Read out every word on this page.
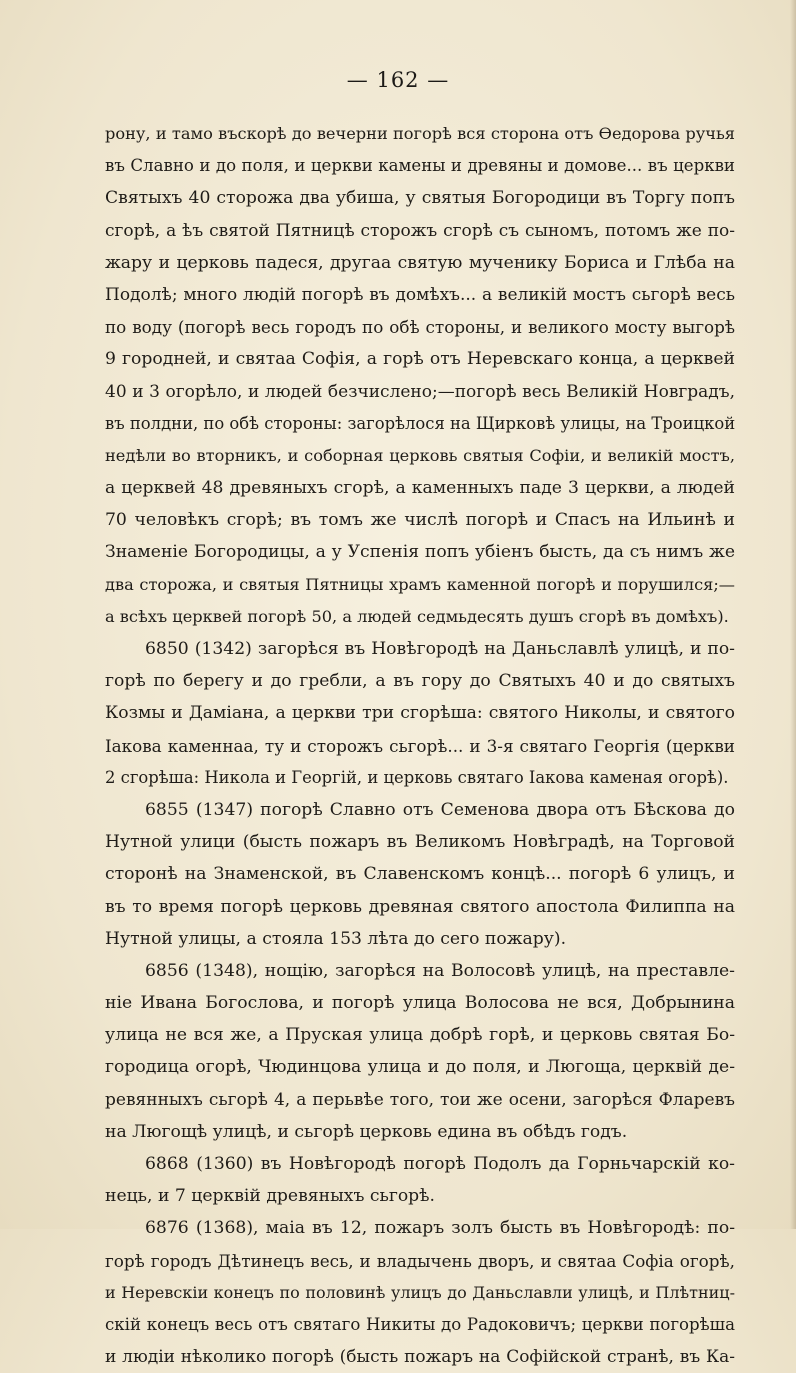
— 162 —
рону, и тамо въскорѣ до вечерни погорѣ вся сторона отъ Ѳедорова ручья
въ Славно и до поля, и церкви камены и древяны и домове... въ церкви
Святыхъ 40 сторожа два убиша, у святыя Богородици въ Торгу попъ
сгорѣ, а ѣъ святой Пятницѣ сторожъ сгорѣ съ сыномъ, потомъ же по-
жару и церковь падеся, другаа святую мученику Бориса и Глѣба на
Подолѣ; много людій погорѣ въ домѣхъ... а великій мостъ сьгорѣ весь
по воду (погорѣ весь городъ по обѣ стороны, и великого мосту выгорѣ
9 городней, и святаа Софія, а горѣ отъ Неревскаго конца, а церквей
40 и 3 огорѣло, и людей безчислено;—погорѣ весь Великій Новградъ,
въ полдни, по обѣ стороны: загорѣлося на Щирковѣ улицы, на Троицкой
недѣли во вторникъ, и соборная церковь святыя Софіи, и великій мостъ,
а церквей 48 древяныхъ сгорѣ, а каменныхъ паде 3 церкви, а людей
70 человѣкъ сгорѣ; въ томъ же числѣ погорѣ и Спасъ на Ильинѣ и
Знаменіе Богородицы, а у Успенія попъ убіенъ бысть, да съ нимъ же
два сторожа, и святыя Пятницы храмъ каменной погорѣ и порушился;—
а всѣхъ церквей погорѣ 50, а людей седмьдесять душъ сгорѣ въ домѣхъ).
6850 (1342) загорѣся въ Новѣгородѣ на Даньславлѣ улицѣ, и по-
горѣ по берегу и до гребли, а въ гору до Святыхъ 40 и до святыхъ
Козмы и Даміана, а церкви три сгорѣша: святого Николы, и святого
Іакова каменнаа, ту и сторожъ сьгорѣ... и 3-я святаго Георгія (церкви
2 сгорѣша: Никола и Георгій, и церковь святаго Іакова каменая огорѣ).
6855 (1347) погорѣ Славно отъ Семенова двора отъ Бѣскова до
Нутной улици (бысть пожаръ въ Великомъ Новѣградѣ, на Торговой
сторонѣ на Знаменской, въ Славенскомъ концѣ... погорѣ 6 улицъ, и
въ то время погорѣ церковь древяная святого апостола Филиппа на
Нутной улицы, а стояла 153 лѣта до сего пожару).
6856 (1348), нощію, загорѣся на Волосовѣ улицѣ, на преставле-
ніе Ивана Богослова, и погорѣ улица Волосова не вся, Добрынина
улица не вся же, а Пруская улица добрѣ горѣ, и церковь святая Бо-
городица огорѣ, Чюдинцова улица и до поля, и Люгоща, церквій де-
ревянныхъ сьгорѣ 4, а перьвѣе того, тои же осени, загорѣся Фларевъ
на Люгощѣ улицѣ, и сьгорѣ церковь едина въ обѣдъ годъ.
6868 (1360) въ Новѣгородѣ погорѣ Подолъ да Горньчарскій ко-
нець, и 7 церквій древяныхъ сьгорѣ.
6876 (1368), маіа въ 12, пожаръ золъ бысть въ Новѣгородѣ: по-
горѣ городъ Дѣтинецъ весь, и владычень дворъ, и святаа Софіа огорѣ,
и Неревскіи конецъ по половинѣ улицъ до Даньславли улицѣ, и Плѣтниц-
скій конецъ весь отъ святаго Никиты до Радоковичъ; церкви погорѣша
и людіи нѣколико погорѣ (бысть пожаръ на Софійской странѣ, въ Ка-
